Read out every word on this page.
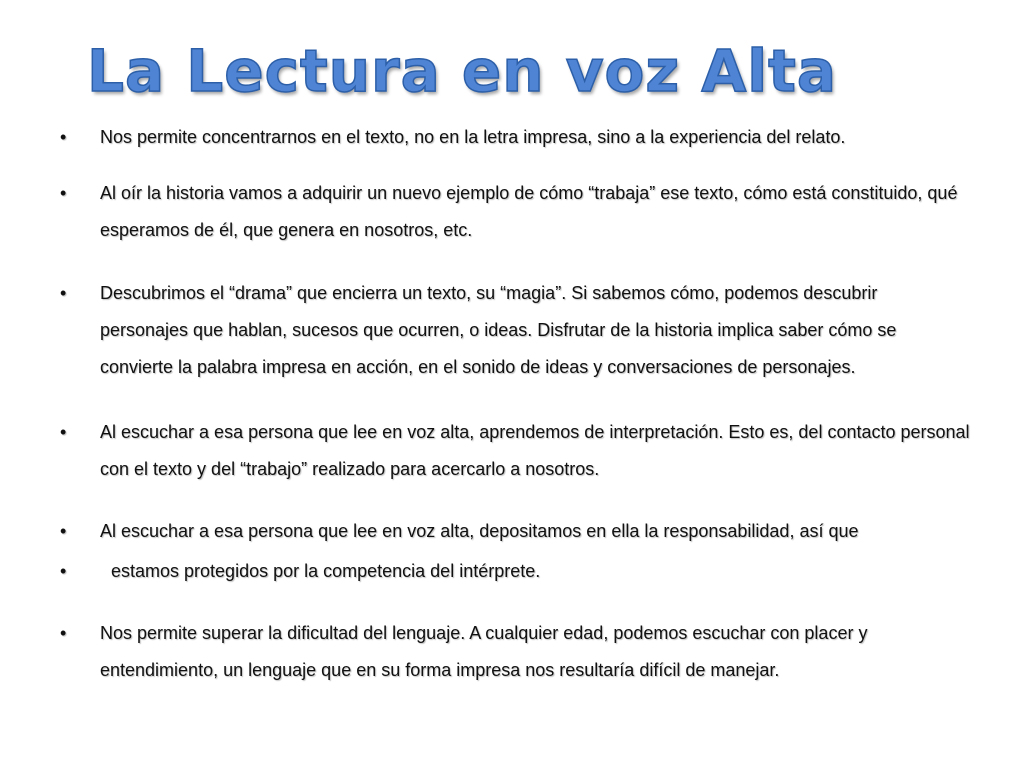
La Lectura en voz Alta
•	Nos permite concentrarnos en el texto, no en la letra impresa, sino a la experiencia del relato.
•	Al oír la historia vamos a adquirir un nuevo ejemplo de cómo “trabaja” ese texto, cómo está constituido, qué esperamos de él, que genera en nosotros, etc.
•	Descubrimos el “drama” que encierra un texto, su “magia”. Si sabemos cómo, podemos descubrir personajes que hablan, sucesos que ocurren, o ideas. Disfrutar de la historia implica saber cómo se convierte la palabra impresa en acción, en el sonido de ideas y conversaciones de personajes.
•	Al escuchar a esa persona que lee en voz alta, aprendemos de interpretación. Esto es, del contacto personal con el texto y del “trabajo” realizado para acercarlo a nosotros.
•	Al escuchar a esa persona que lee en voz alta, depositamos en ella la responsabilidad, así que
•	estamos protegidos por la competencia del intérprete.
•	Nos permite superar la dificultad del lenguaje. A cualquier edad, podemos escuchar con placer y entendimiento, un lenguaje que en su forma impresa nos resultaría difícil de manejar.
